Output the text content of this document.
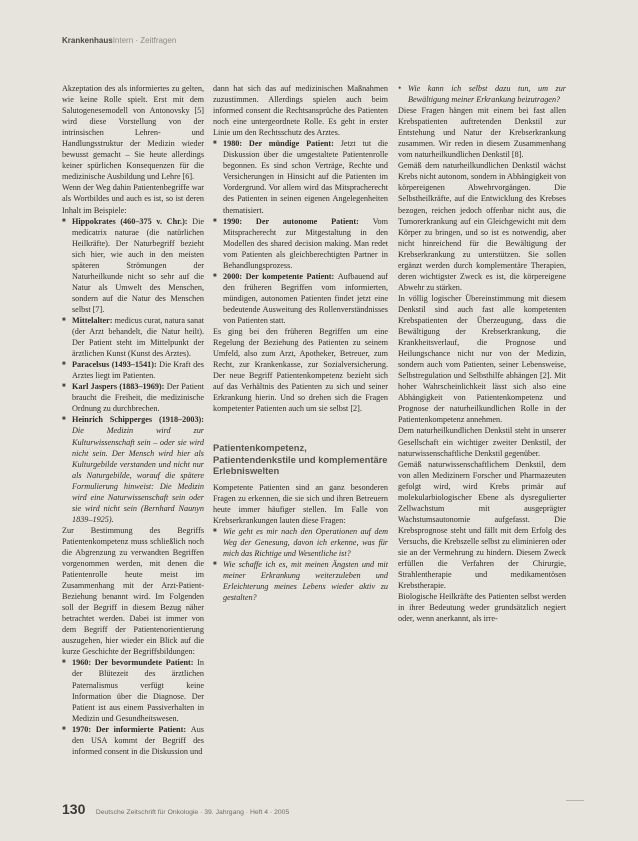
KrankenhausIntern · Zeitfragen

Akzeptation des als informiertes zu gelten, wie keine Rolle spielt. Erst mit dem Salutogenesemodell von Antonovsky [5] wird diese Vorstellung von der intrinsischen Lehren- und Handlungsstruktur der Medizin wieder bewusst gemacht – Sie heute allerdings keiner spürlichen Konsequenzen für die medizinische Ausbildung und Lehre [6].

Wenn der Weg dahin Patientenbegriffe war als Wortbildes und auch es ist, so ist deren Inhalt im Beispiele:

■ Hippokrates (460–375 v. Chr.): Die medicatrix naturae (die natürlichen Heilkräfte). Der Naturbegriff bezieht sich hier, wie auch in den meisten späteren Strömungen der Naturheilkunde nicht so sehr auf die Natur als Umwelt des Menschen, sondern auf die Natur des Menschen selbst [7].
■ Mittelalter: medicus curat, natura sanat (der Arzt behandelt, die Natur heilt). Der Patient steht im Mittelpunkt der ärztlichen Kunst (Kunst des Arztes).
■ Paracelsus (1493–1541): Die Kraft des Arztes liegt im Patienten.
■ Karl Jaspers (1883–1969): Der Patient braucht die Freiheit, die medizinische Ordnung zu durchbrechen.
■ Heinrich Schipperges (1918–2003): Die Medizin wird zur Kulturwissenschaft sein – oder sie wird nicht sein. Der Mensch wird hier als Kulturgebilde verstanden und nicht nur als Naturgebilde, worauf die spätere Formulierung hinweist: Die Medizin wird eine Naturwissenschaft sein oder sie wird nicht sein (Bernhard Naunyn 1839–1925).

Zur Bestimmung des Begriffs Patientenkompetenz muss schließlich noch die Abgrenzung zu verwandten Begriffen vorgenommen werden, mit denen die Patientenrolle heute meist im Zusammenhang mit der Arzt-Patient-Beziehung benannt wird. Im Folgenden soll der Begriff in diesem Bezug näher betrachtet werden. Dabei ist immer von dem Begriff der Patientenorientierung auszugehen, hier wieder ein Blick auf die kurze Geschichte der Begriffsbildungen:

■ 1960: Der bevormundete Patient: In der Blütezeit des ärztlichen Paternalismus verfügt keine Information über die Diagnose. Der Patient ist aus einem Passiverhalten in Medizin und Gesundheitswesen.
■ 1970: Der informierte Patient: Aus den USA kommt der Begriff des informed consent in die Diskussion und

dann hat sich das auf medizinischen Maßnahmen zuzustimmen. Allerdings spielen auch beim informed consent die Rechtsansprüche des Patienten noch eine untergeordnete Rolle. Es geht in erster Linie um den Rechtsschutz des Arztes.

■ 1980: Der mündige Patient: Jetzt tut die Diskussion über die umgestaltete Patientenrolle begonnen. Es sind schon Verträge, Rechte und Versicherungen in Hinsicht auf die Patienten im Vordergrund. Vor allem wird das Mitspracherecht des Patienten in seinen eigenen Angelegenheiten thematisiert.
■ 1990: Der autonome Patient: Vom Mitspracherecht zur Mitgestaltung in den Modellen des shared decision making. Man redet vom Patienten als gleichberechtigten Partner in Behandlungsprozess.
■ 2000: Der kompetente Patient: Aufbauend auf den früheren Begriffen vom informierten, mündigen, autonomen Patienten findet jetzt eine bedeutende Ausweitung des Rollenverständnisses von Patienten statt.

Es ging bei den früheren Begriffen um eine Regelung der Beziehung des Patienten zu seinem Umfeld, also zum Arzt, Apotheker, Betreuer, zum Recht, zur Krankenkasse, zur Sozialversicherung. Der neue Begriff Patientenkompetenz bezieht sich auf das Verhältnis des Patienten zu sich und seiner Erkrankung hierin. Und so drehen sich die Fragen kompetenter Patienten auch um sie selbst [2].

Patientenkompetenz, Patientendenkstile und komplementäre Erlebniswelten

Kompetente Patienten sind an ganz besonderen Fragen zu erkennen, die sie sich und ihren Betreuern heute immer häufiger stellen. Im Falle von Krebserkrankungen lauten diese Fragen:

■ Wie geht es mir nach den Operationen auf dem Weg der Genesung, davon ich erkenne, was für mich das Richtige und Wesentliche ist?
■ Wie schaffe ich es, mit meinen Ängsten und mit meiner Erkrankung weiterzuleben und Erleichterung meines Lebens wieder aktiv zu gestalten?
• Wie kann ich selbst dazu tun, um zur Bewältigung meiner Erkrankung beizutragen?

Diese Fragen hängen mit einem bei fast allen Krebspatienten auftretenden Denkstil zur Entstehung und Natur der Krebserkrankung zusammen. Wir reden in diesem Zusammenhang vom naturheilkundlichen Denkstil [8].

Gemäß dem naturheilkundlichen Denkstil wächst Krebs nicht autonom, sondern in Abhängigkeit von körpereigenen Abwehrvorgängen. Die Selbstheilkräfte, auf die Entwicklung des Krebses bezogen, reichen jedoch offenbar nicht aus, die Tumorerkrankung auf ein Gleichgewicht mit dem Körper zu bringen, und so ist es notwendig, aber nicht hinreichend für die Bewältigung der Krebserkrankung zu unterstützen. Sie sollen ergänzt werden durch komplementäre Therapien, deren wichtigster Zweck es ist, die körpereigene Abwehr zu stärken.

In völlig logischer Übereinstimmung mit diesem Denkstil sind auch fast alle kompetenten Krebspatienten der Überzeugung, dass die Bewältigung der Krebserkrankung, die Krankheitsverlauf, die Prognose und Heilungschance nicht nur von der Medizin, sondern auch vom Patienten, seiner Lebensweise, Selbstregulation und Selbsthilfe abhängen [2]. Mit hoher Wahrscheinlichkeit lässt sich also eine Abhängigkeit von Patientenkompetenz und Prognose der naturheilkundlichen Rolle in der Patientenkompetenz annehmen.

Dem naturheilkundlichen Denkstil steht in unserer Gesellschaft ein wichtiger zweiter Denkstil, der naturwissenschaftliche Denkstil gegenüber.

Gemäß naturwissenschaftlichem Denkstil, dem von allen Medizinern Forscher und Pharmazeuten gefolgt wird, wird Krebs primär auf molekularbiologischer Ebene als dysregulierter Zellwachstum mit ausgeprägter Wachstumsautonomie aufgefasst. Die Krebsprognose steht und fällt mit dem Erfolg des Versuchs, die Krebszelle selbst zu eliminieren oder sie an der Vermehrung zu hindern. Diesem Zweck erfüllen die Verfahren der Chirurgie, Strahlentherapie und medikamentösen Krebstherapie.

Biologische Heilkräfte des Patienten selbst werden in ihrer Bedeutung weder grundsätzlich negiert oder, wenn anerkannt, als irre-

130 Deutsche Zeitschrift für Onkologie · 39. Jahrgang · Heft 4 · 2005
